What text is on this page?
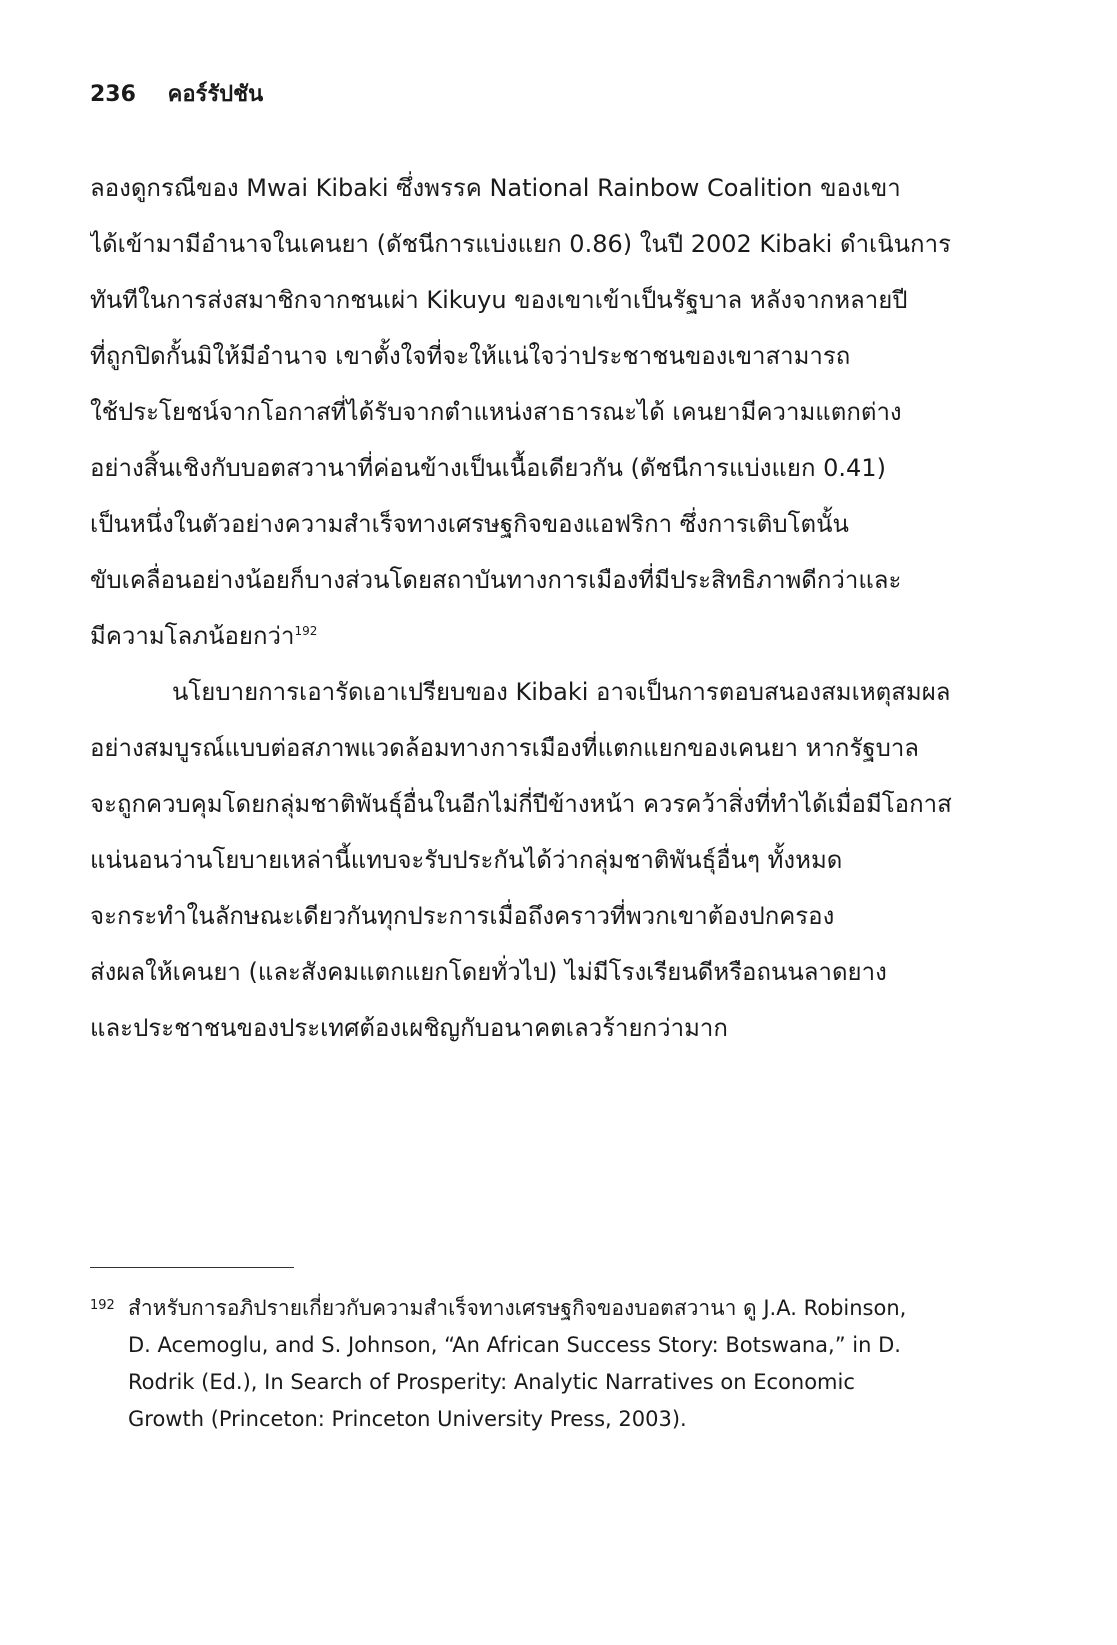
236 คอร์รัปชัน
ลองดูกรณีของ Mwai Kibaki ซึ่งพรรค National Rainbow Coalition ของเขา
ได้เข้ามามีอำนาจในเคนยา (ดัชนีการแบ่งแยก 0.86) ในปี 2002 Kibaki ดำเนินการ
ทันทีในการส่งสมาชิกจากชนเผ่า Kikuyu ของเขาเข้าเป็นรัฐบาล หลังจากหลายปี
ที่ถูกปิดกั้นมิให้มีอำนาจ เขาตั้งใจที่จะให้แน่ใจว่าประชาชนของเขาสามารถ
ใช้ประโยชน์จากโอกาสที่ได้รับจากตำแหน่งสาธารณะได้ เคนยามีความแตกต่าง
อย่างสิ้นเชิงกับบอตสวานาที่ค่อนข้างเป็นเนื้อเดียวกัน (ดัชนีการแบ่งแยก 0.41)
เป็นหนึ่งในตัวอย่างความสำเร็จทางเศรษฐกิจของแอฟริกา ซึ่งการเติบโตนั้น
ขับเคลื่อนอย่างน้อยก็บางส่วนโดยสถาบันทางการเมืองที่มีประสิทธิภาพดีกว่าและ
มีความโลภน้อยกว่า$^{192}$
นโยบายการเอารัดเอาเปรียบของ Kibaki อาจเป็นการตอบสนองสมเหตุสมผล
อย่างสมบูรณ์แบบต่อสภาพแวดล้อมทางการเมืองที่แตกแยกของเคนยา หากรัฐบาล
จะถูกควบคุมโดยกลุ่มชาติพันธุ์อื่นในอีกไม่กี่ปีข้างหน้า ควรคว้าสิ่งที่ทำได้เมื่อมีโอกาส
แน่นอนว่านโยบายเหล่านี้แทบจะรับประกันได้ว่ากลุ่มชาติพันธุ์อื่นๆ ทั้งหมด
จะกระทำในลักษณะเดียวกันทุกประการเมื่อถึงคราวที่พวกเขาต้องปกครอง
ส่งผลให้เคนยา (และสังคมแตกแยกโดยทั่วไป) ไม่มีโรงเรียนดีหรือถนนลาดยาง
และประชาชนของประเทศต้องเผชิญกับอนาคตเลวร้ายกว่ามาก
192 สำหรับการอภิปรายเกี่ยวกับความสำเร็จทางเศรษฐกิจของบอตสวานา ดู J.A. Robinson,
D. Acemoglu, and S. Johnson, “An African Success Story: Botswana,” in D.
Rodrik (Ed.), In Search of Prosperity: Analytic Narratives on Economic
Growth (Princeton: Princeton University Press, 2003).
